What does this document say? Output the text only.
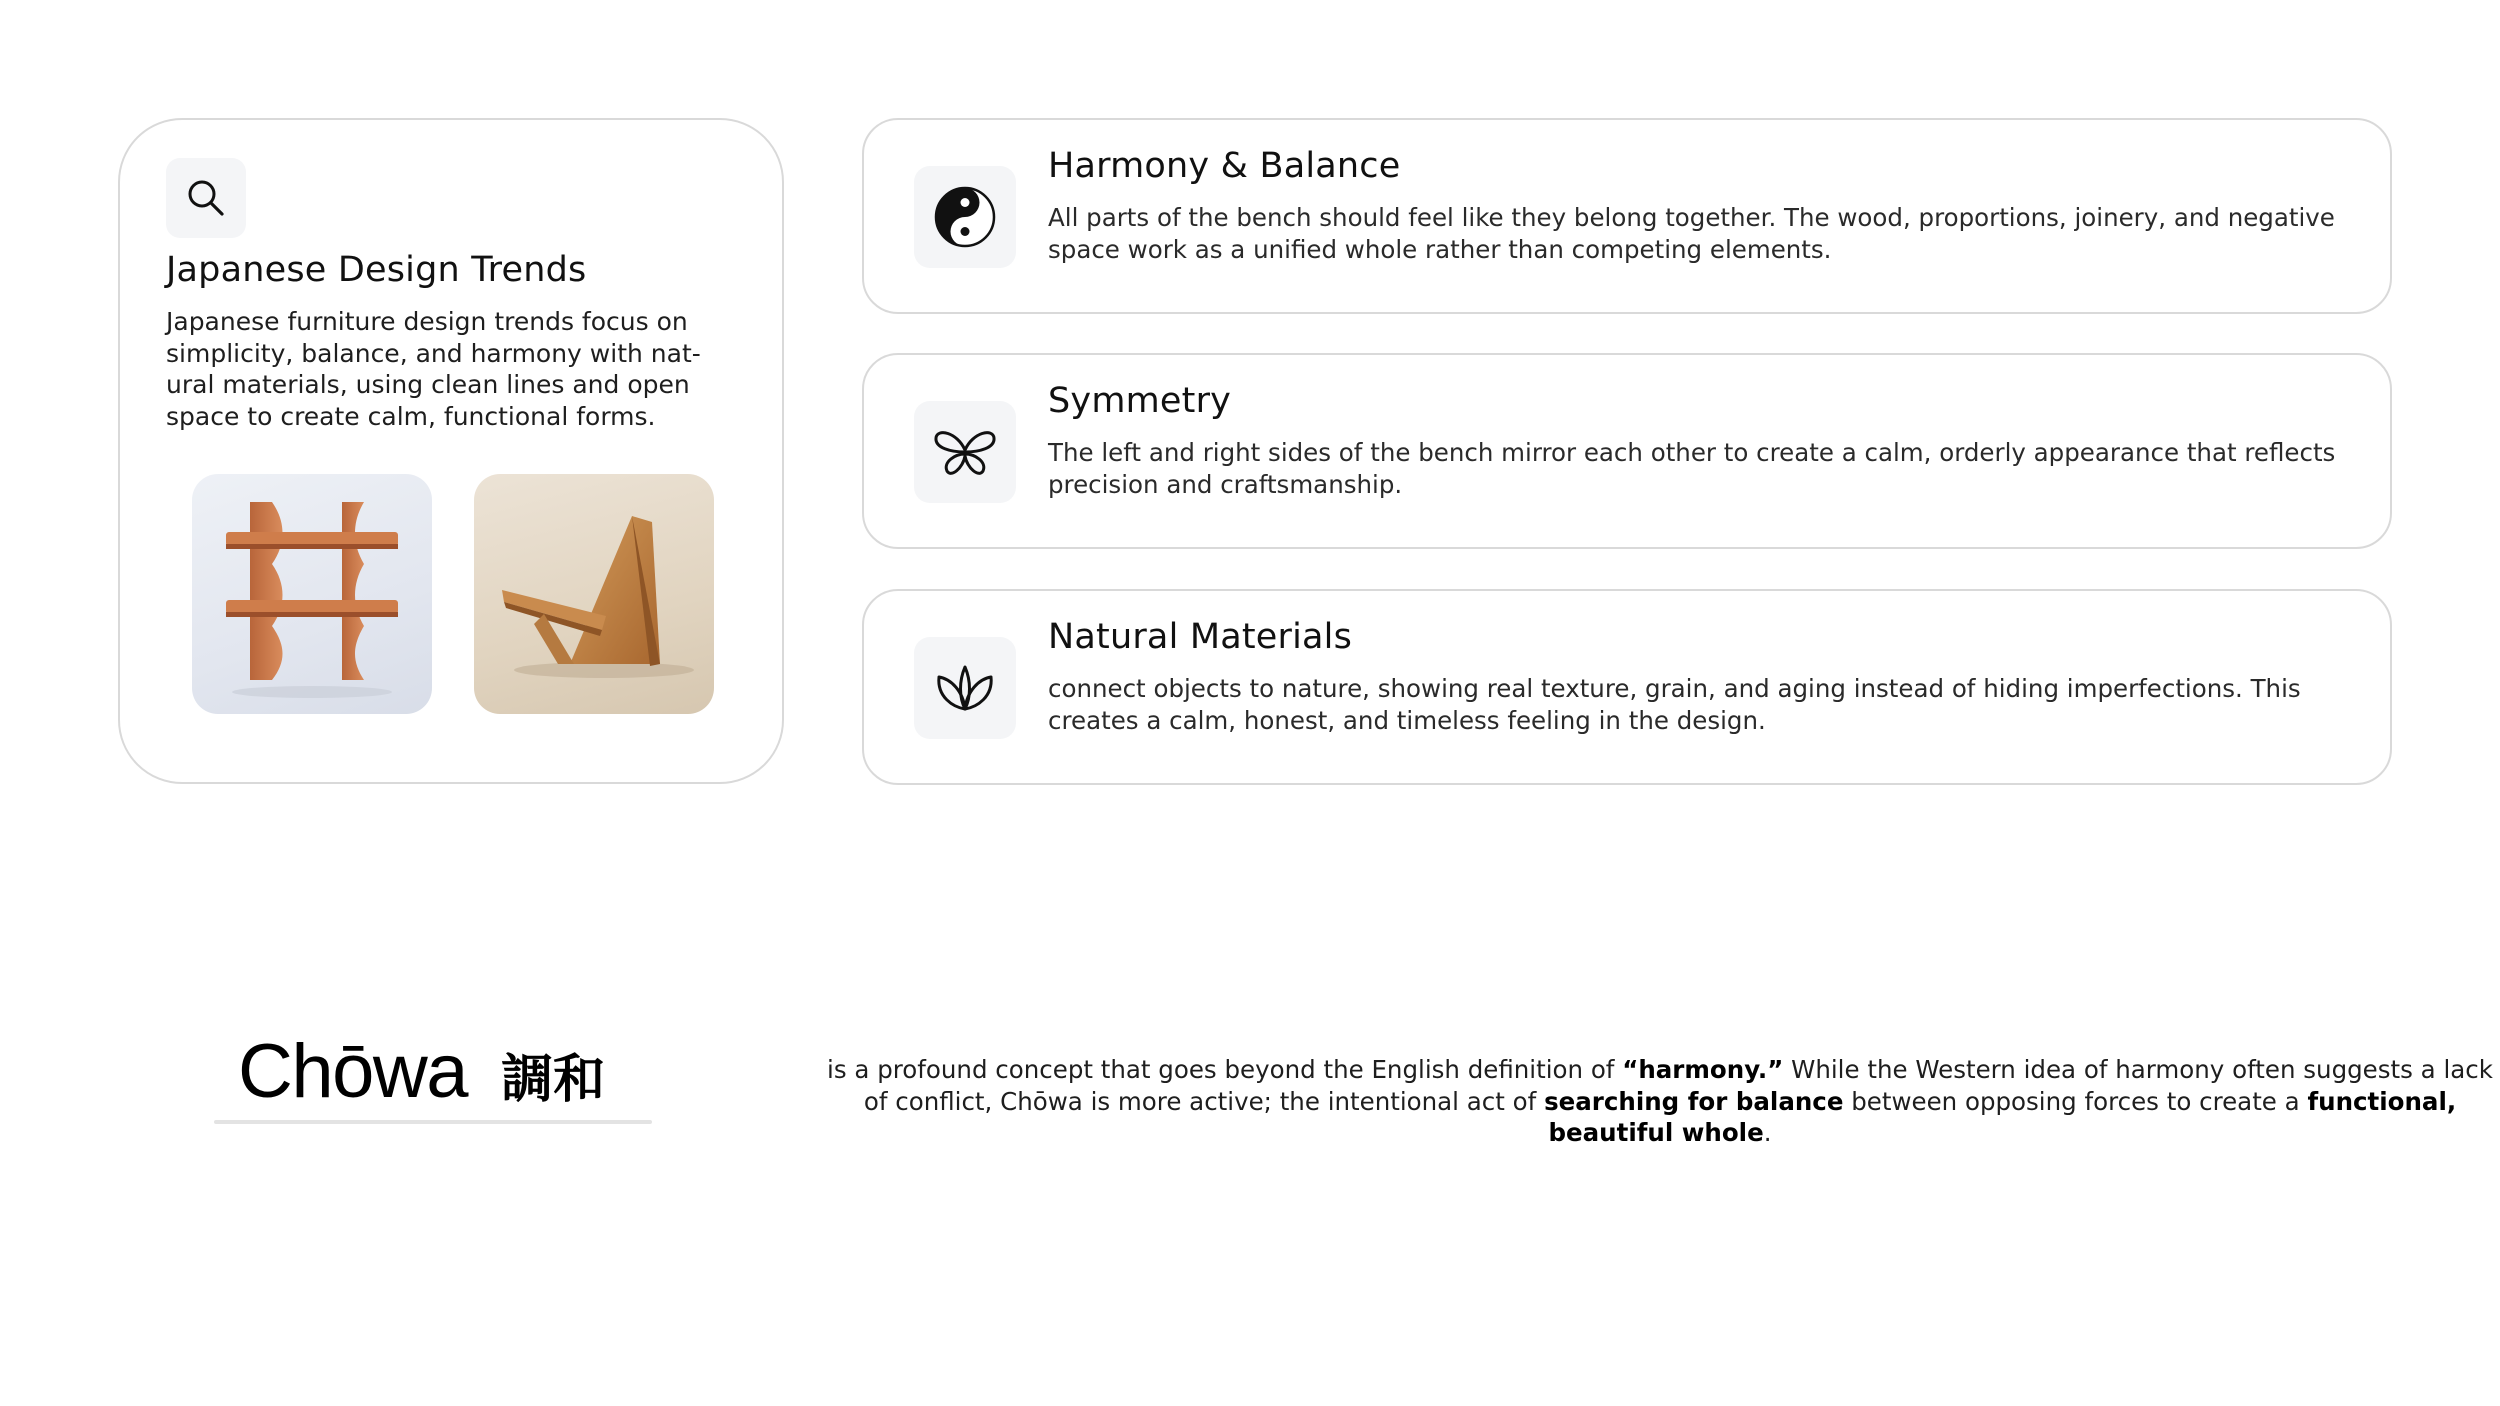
Japanese Design Trends
Japanese furniture design trends focus on simplicity, balance, and harmony with natural materials, using clean lines and open space to create calm, functional forms.
Harmony & Balance
All parts of the bench should feel like they belong together. The wood, proportions, joinery, and negative space work as a unified whole rather than competing elements.
Symmetry
The left and right sides of the bench mirror each other to create a calm, orderly appearance that reflects precision and craftsmanship.
Natural Materials
connect objects to nature, showing real texture, grain, and aging instead of hiding imperfections. This creates a calm, honest, and timeless feeling in the design.
Chōwa 調和	is a profound concept that goes beyond the English definition of “harmony.” While the Western idea of harmony often suggests a lack of conflict, Chōwa is more active; the intentional act of searching for balance between opposing forces to create a functional, beautiful whole.
